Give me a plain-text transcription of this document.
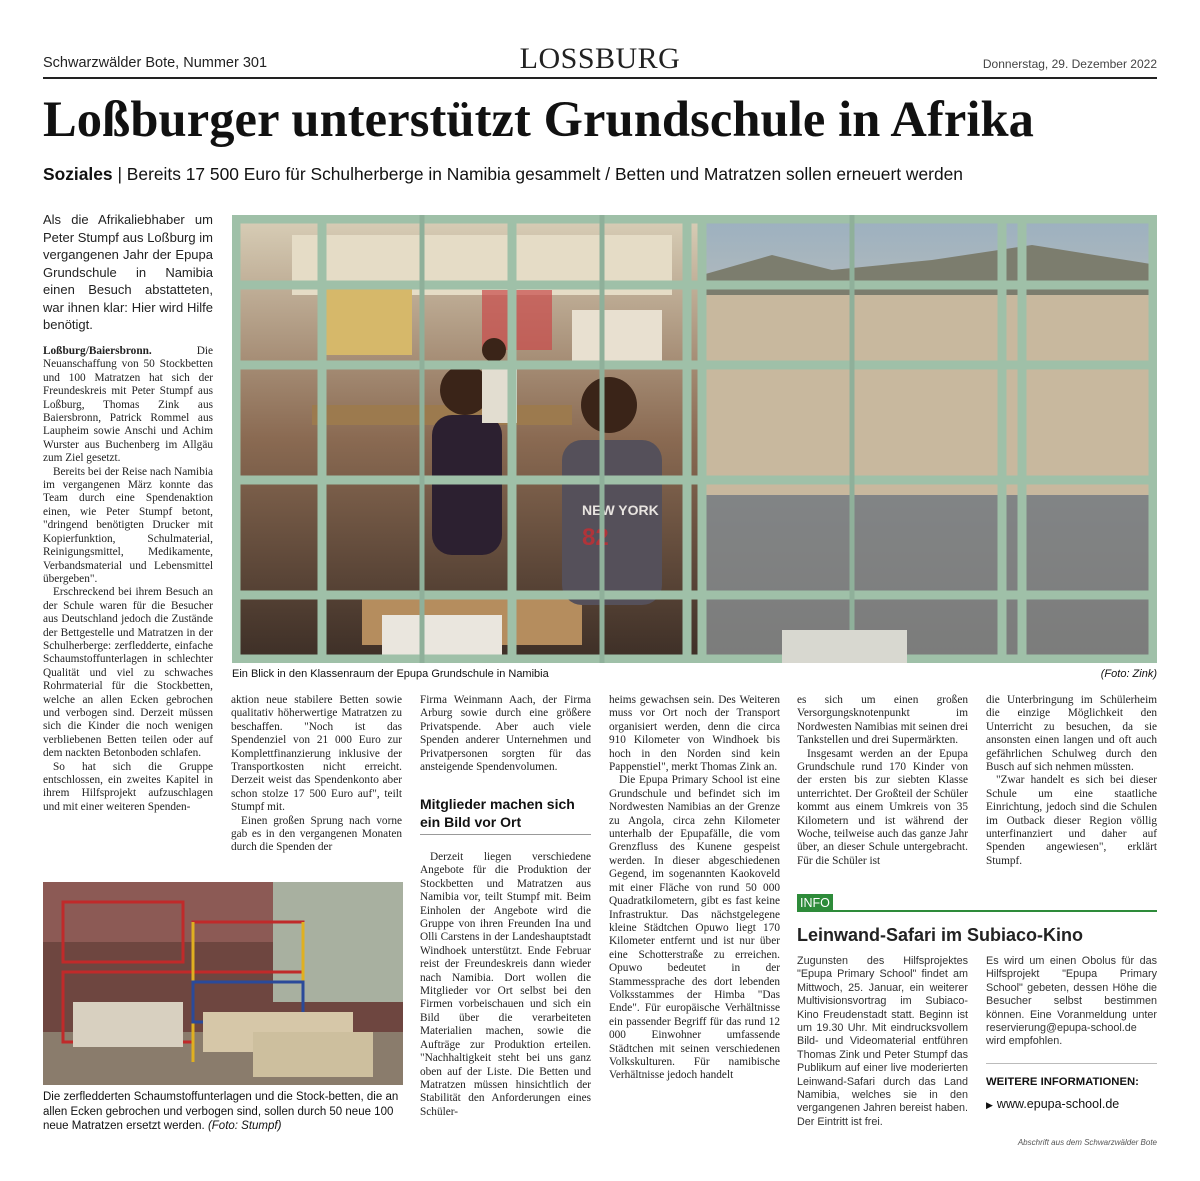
Schwarzwälder Bote, Nummer 301	LOSSBURG	Donnerstag, 29. Dezember 2022
Loßburger unterstützt Grundschule in Afrika
Soziales | Bereits 17 500 Euro für Schulherberge in Namibia gesammelt / Betten und Matratzen sollen erneuert werden
Als die Afrikaliebhaber um Peter Stumpf aus Loßburg im vergangenen Jahr der Epupa Grundschule in Namibia einen Besuch abstatteten, war ihnen klar: Hier wird Hilfe benötigt.

Loßburg/Baiersbronn.	Die Neuanschaffung von 50 Stockbetten und 100 Matratzen hat sich der Freundeskreis mit Peter Stumpf aus Loßburg, Thomas Zink aus Baiersbronn, Patrick Rommel aus Laupheim sowie Anschi und Achim Wurster aus Buchenberg im Allgäu zum Ziel gesetzt.

Bereits bei der Reise nach Namibia im vergangenen März konnte das Team durch eine Spendenaktion einen, wie Peter Stumpf betont, "dringend benötigten Drucker mit Kopierfunktion, Schulmaterial, Reinigungsmittel, Medikamente, Verbandsmaterial und Lebensmittel übergeben".

Erschreckend bei ihrem Besuch an der Schule waren für die Besucher aus Deutschland jedoch die Zustände der Bettgestelle und Matratzen in der Schulherberge: zerfledderte, einfache Schaumstoffunterlagen in schlechter Qualität und viel zu schwaches Rohrmaterial für die Stockbetten, welche an allen Ecken gebrochen und verbogen sind. Derzeit müssen sich die Kinder die noch wenigen verbliebenen Betten teilen oder auf dem nackten Betonboden schlafen.

So hat sich die Gruppe entschlossen, ein zweites Kapitel in ihrem Hilfsprojekt aufzuschlagen und mit einer weiteren Spenden-

NEW YORK
82
Ein Blick in den Klassenraum der Epupa Grundschule in Namibia	(Foto: Zink)

aktion neue stabilere Betten sowie qualitativ höherwertige Matratzen zu beschaffen. "Noch ist das Spendenziel von 21 000 Euro zur Komplettfinanzierung inklusive der Transportkosten nicht erreicht. Derzeit weist das Spendenkonto aber schon stolze 17 500 Euro auf", teilt Stumpf mit.

Einen großen Sprung nach vorne gab es in den vergangenen Monaten durch die Spenden der

Firma Weinmann Aach, der Firma Arburg sowie durch eine größere Privatspende. Aber auch viele Spenden anderer Unternehmen und Privatpersonen sorgten für das ansteigende Spendenvolumen.

Mitglieder machen sich ein Bild vor Ort

Derzeit liegen verschiedene Angebote für die Produktion der Stockbetten und Matratzen aus Namibia vor, teilt Stumpf mit. Beim Einholen der Angebote wird die Gruppe von ihren Freunden Ina und Olli Carstens in der Landeshauptstadt Windhoek unterstützt. Ende Februar reist der Freundeskreis dann wieder nach Namibia. Dort wollen die Mitglieder vor Ort selbst bei den Firmen vorbeischauen und sich ein Bild über die verarbeiteten Materialien machen, sowie die Aufträge zur Produktion erteilen. "Nachhaltigkeit steht bei uns ganz oben auf der Liste. Die Betten und Matratzen müssen hinsichtlich der Stabilität den Anforderungen eines Schüler-

heims gewachsen sein. Des Weiteren muss vor Ort noch der Transport organisiert werden, denn die circa 910 Kilometer von Windhoek bis hoch in den Norden sind kein Pappenstiel", merkt Thomas Zink an.

Die Epupa Primary School ist eine Grundschule und befindet sich im Nordwesten Namibias an der Grenze zu Angola, circa zehn Kilometer unterhalb der Epupafälle, die vom Grenzfluss des Kunene gespeist werden. In dieser abgeschiedenen Gegend, im sogenannten Kaokoveld mit einer Fläche von rund 50 000 Quadratkilometern, gibt es fast keine Infrastruktur. Das nächstgelegene kleine Städtchen Opuwo liegt 170 Kilometer entfernt und ist nur über eine Schotterstraße zu erreichen. Opuwo bedeutet in der Stammessprache des dort lebenden Volksstammes der Himba "Das Ende". Für europäische Verhältnisse ein passender Begriff für das rund 12 000 Einwohner umfassende Städtchen mit seinen verschiedenen Volkskulturen. Für namibische Verhältnisse jedoch handelt

es sich um einen großen Versorgungsknotenpunkt im Nordwesten Namibias mit seinen drei Tankstellen und drei Supermärkten.

Insgesamt werden an der Epupa Grundschule rund 170 Kinder von der ersten bis zur siebten Klasse unterrichtet. Der Großteil der Schüler kommt aus einem Umkreis von 35 Kilometern und ist während der Woche, teilweise auch das ganze Jahr über, an dieser Schule untergebracht. Für die Schüler ist

die Unterbringung im Schülerheim die einzige Möglichkeit den Unterricht zu besuchen, da sie ansonsten einen langen und oft auch gefährlichen Schulweg durch den Busch auf sich nehmen müssten.

"Zwar handelt es sich bei dieser Schule um eine staatliche Einrichtung, jedoch sind die Schulen im Outback dieser Region völlig unterfinanziert und daher auf Spenden angewiesen", erklärt Stumpf.

Die zerfledderten Schaumstoffunterlagen und die Stock-betten, die an allen Ecken gebrochen und verbogen sind, sollen durch 50 neue 100 neue Matratzen ersetzt werden. (Foto: Stumpf)
INFO
Leinwand-Safari im Subiaco-Kino
Zugunsten des Hilfsprojektes "Epupa Primary School" findet am Mittwoch, 25. Januar, ein weiterer Multivisionsvortrag im Subiaco-Kino Freudenstadt statt. Beginn ist um 19.30 Uhr. Mit eindrucksvollem Bild- und Videomaterial entführen Thomas Zink und Peter Stumpf das Publikum auf einer live moderierten Leinwand-Safari durch das Land Namibia, welches sie in den vergangenen Jahren bereist haben. Der Eintritt ist frei.
Es wird um einen Obolus für das Hilfsprojekt "Epupa Primary School" gebeten, dessen Höhe die Besucher selbst bestimmen können. Eine Voranmeldung unter reservierung@epupa-school.de wird empfohlen.
WEITERE INFORMATIONEN:
▶ www.epupa-school.de
Abschrift aus dem Schwarzwälder Bote
